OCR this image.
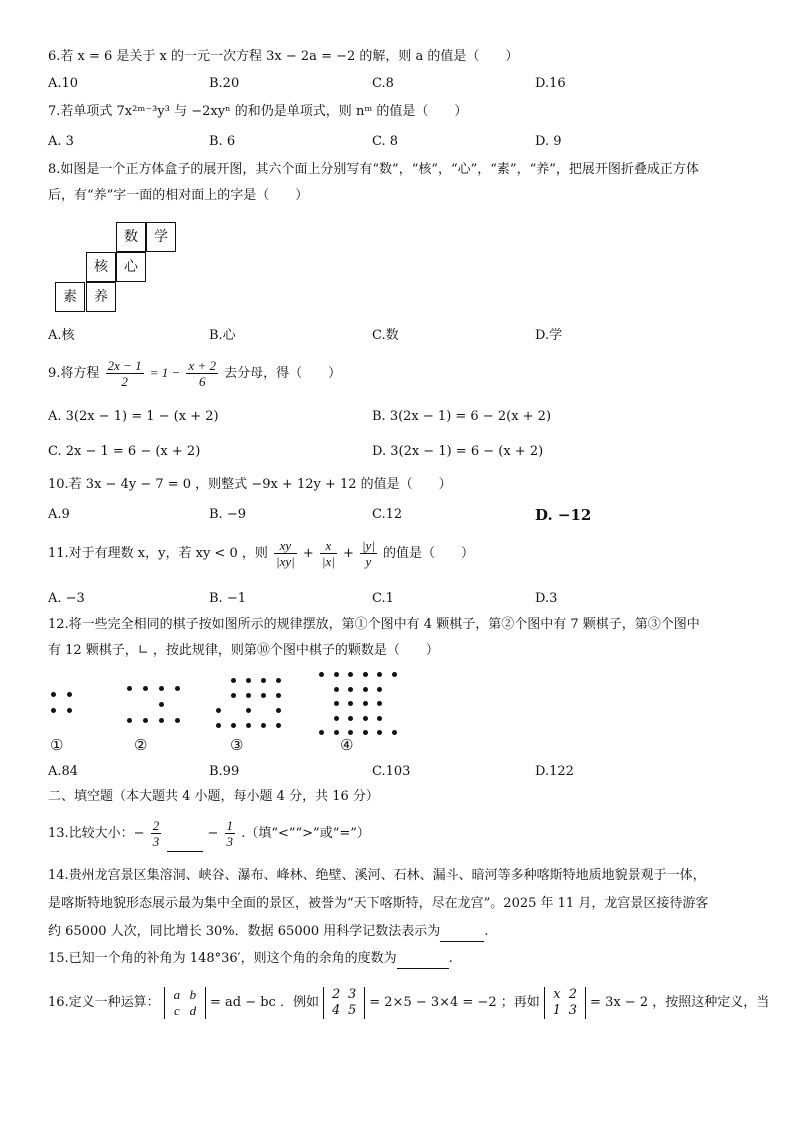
6.若 x = 6 是关于 x 的一元一次方程 3x − 2a = −2 的解，则 a 的值是（　　）
A.10	B.20	C.8	D.16
7.若单项式 7x²ᵐ⁻³y³ 与 −2xyⁿ 的和仍是单项式，则 nᵐ 的值是（　　）
A. 3	B. 6	C. 8	D. 9
8.如图是一个正方体盒子的展开图，其六个面上分别写有“数”，“核”，“心”，“素”，“养”，把展开图折叠成正方体
后，有“养”字一面的相对面上的字是（　　）
数	学
核	心
素	养
A.核	B.心	C.数	D.学
9.将方程 $\frac{2x - 1}{2} = 1 - \frac{x + 2}{6}$ 去分母，得（　　）
A. 3(2x − 1) = 1 − (x + 2)	B. 3(2x − 1) = 6 − 2(x + 2)
C. 2x − 1 = 6 − (x + 2)	D. 3(2x − 1) = 6 − (x + 2)
10.若 3x − 4y − 7 = 0 ，则整式 −9x + 12y + 12 的值是（　　）
A.9	B. −9	C.12	D. −12
11.对于有理数 x，y，若 xy < 0 ，则 $\frac{xy}{|xy|} + \frac{x}{|x|} + \frac{|y|}{y}$ 的值是（　　）
A. −3	B. −1	C.1	D.3
12.将一些完全相同的棋子按如图所示的规律摆放，第①个图中有 4 颗棋子，第②个图中有 7 颗棋子，第③个图中
有 12 颗棋子，∟ ，按此规律，则第⑩个图中棋子的颗数是（　　）
①	②	③	④
A.84	B.99	C.103	D.122
二、填空题（本大题共 4 小题，每小题 4 分，共 16 分）
13.比较大小：− $\frac{2}{3}$	− $\frac{1}{3}$ .（填“<”“>”或“=”）
14.贵州龙宫景区集溶洞、峡谷、瀑布、峰林、绝壁、溪河、石林、漏斗、暗河等多种喀斯特地质地貌景观于一体，
是喀斯特地貌形态展示最为集中全面的景区，被誉为“天下喀斯特，尽在龙宫”。2025 年 11 月，龙宫景区接待游客
约 65000 人次，同比增长 30%．数据 65000 用科学记数法表示为	.
15.已知一个角的补角为 148°36′，则这个角的余角的度数为	.
16.定义一种运算：
a b
c d	= ad − bc ．例如
2 3
4 5 = 2×5 − 3×4 = −2 ；再如
x 2
1 3 = 3x − 2 ，按照这种定义，当
